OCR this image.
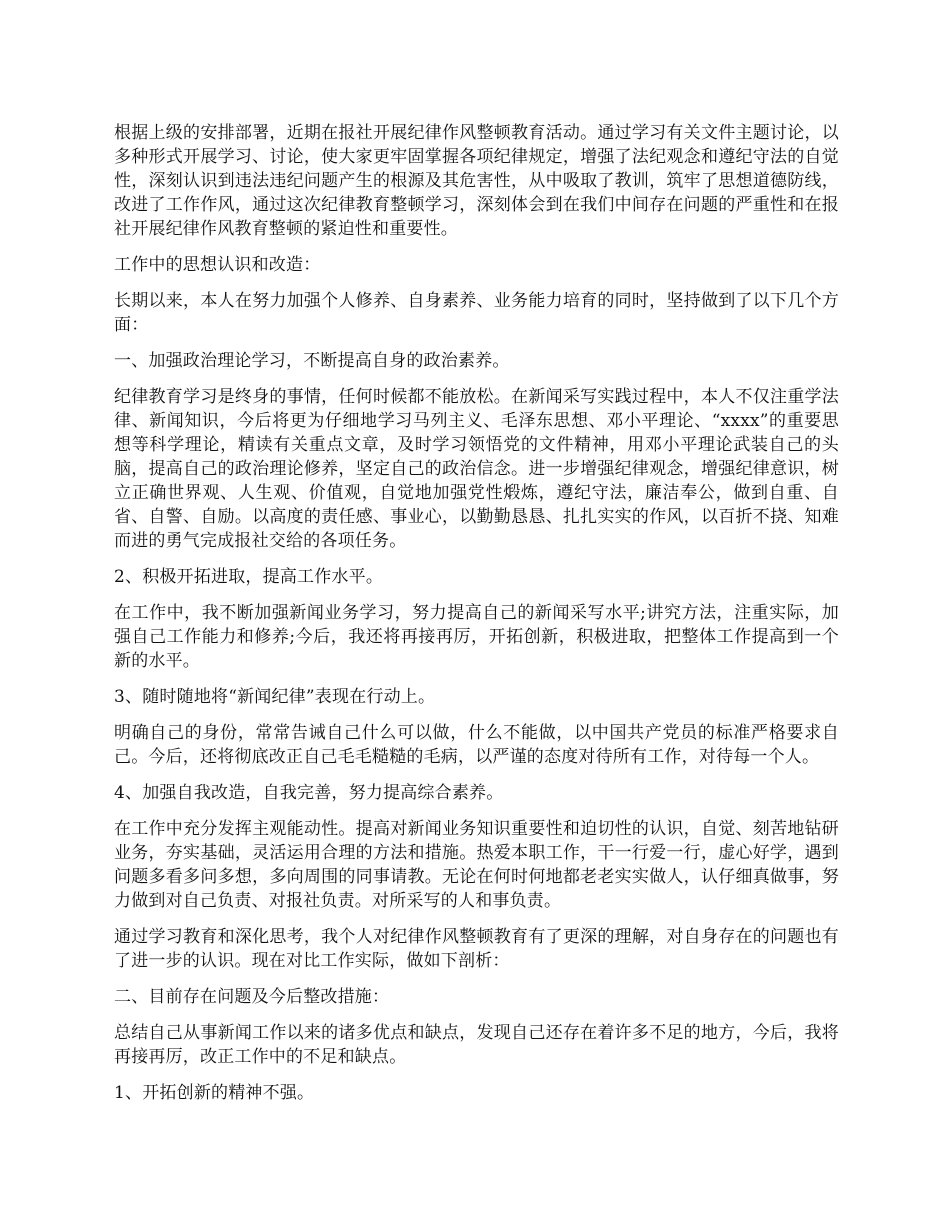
根据上级的安排部署，近期在报社开展纪律作风整顿教育活动。通过学习有关文件主题讨论，以多种形式开展学习、讨论，使大家更牢固掌握各项纪律规定，增强了法纪观念和遵纪守法的自觉性，深刻认识到违法违纪问题产生的根源及其危害性，从中吸取了教训，筑牢了思想道德防线，改进了工作作风，通过这次纪律教育整顿学习，深刻体会到在我们中间存在问题的严重性和在报社开展纪律作风教育整顿的紧迫性和重要性。

工作中的思想认识和改造：

长期以来，本人在努力加强个人修养、自身素养、业务能力培育的同时，坚持做到了以下几个方面：

一、加强政治理论学习，不断提高自身的政治素养。

纪律教育学习是终身的事情，任何时候都不能放松。在新闻采写实践过程中，本人不仅注重学法律、新闻知识，今后将更为仔细地学习马列主义、毛泽东思想、邓小平理论、“xxxx”的重要思想等科学理论，精读有关重点文章，及时学习领悟党的文件精神，用邓小平理论武装自己的头脑，提高自己的政治理论修养，坚定自己的政治信念。进一步增强纪律观念，增强纪律意识，树立正确世界观、人生观、价值观，自觉地加强党性煅炼，遵纪守法，廉洁奉公，做到自重、自省、自警、自励。以高度的责任感、事业心，以勤勤恳恳、扎扎实实的作风，以百折不挠、知难而进的勇气完成报社交给的各项任务。

2、积极开拓进取，提高工作水平。

在工作中，我不断加强新闻业务学习，努力提高自己的新闻采写水平;讲究方法，注重实际，加强自己工作能力和修养;今后，我还将再接再厉，开拓创新，积极进取，把整体工作提高到一个新的水平。

3、随时随地将“新闻纪律”表现在行动上。

明确自己的身份，常常告诫自己什么可以做，什么不能做，以中国共产党员的标准严格要求自己。今后，还将彻底改正自己毛毛糙糙的毛病，以严谨的态度对待所有工作，对待每一个人。

4、加强自我改造，自我完善，努力提高综合素养。

在工作中充分发挥主观能动性。提高对新闻业务知识重要性和迫切性的认识，自觉、刻苦地钻研业务，夯实基础，灵活运用合理的方法和措施。热爱本职工作，干一行爱一行，虚心好学，遇到问题多看多问多想，多向周围的同事请教。无论在何时何地都老老实实做人，认仔细真做事，努力做到对自己负责、对报社负责。对所采写的人和事负责。

通过学习教育和深化思考，我个人对纪律作风整顿教育有了更深的理解，对自身存在的问题也有了进一步的认识。现在对比工作实际，做如下剖析：

二、目前存在问题及今后整改措施：

总结自己从事新闻工作以来的诸多优点和缺点，发现自己还存在着许多不足的地方，今后，我将再接再厉，改正工作中的不足和缺点。

1、开拓创新的精神不强。
